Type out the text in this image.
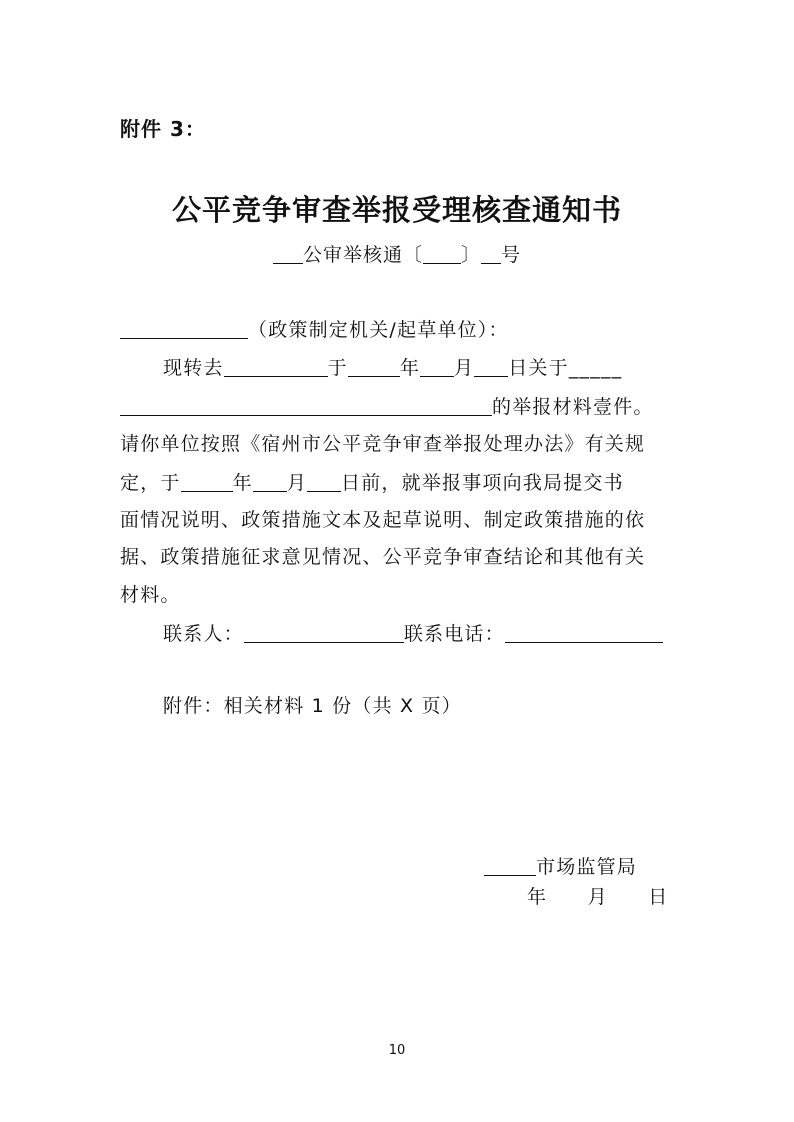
附件 3：
公平竞争审查举报受理核查通知书
公审举核通〔 〕 号
（政策制定机关/起草单位）：
现转去	于	年 月 日关于_____
的举报材料壹件。
请你单位按照《宿州市公平竞争审查举报处理办法》有关规
定，于	年 月 日前，就举报事项向我局提交书
面情况说明、政策措施文本及起草说明、制定政策措施的依
据、政策措施征求意见情况、公平竞争审查结论和其他有关
材料。
联系人：	联系电话：
附件：相关材料 1 份（共 X 页）
市场监管局
年　　月　　日
10
